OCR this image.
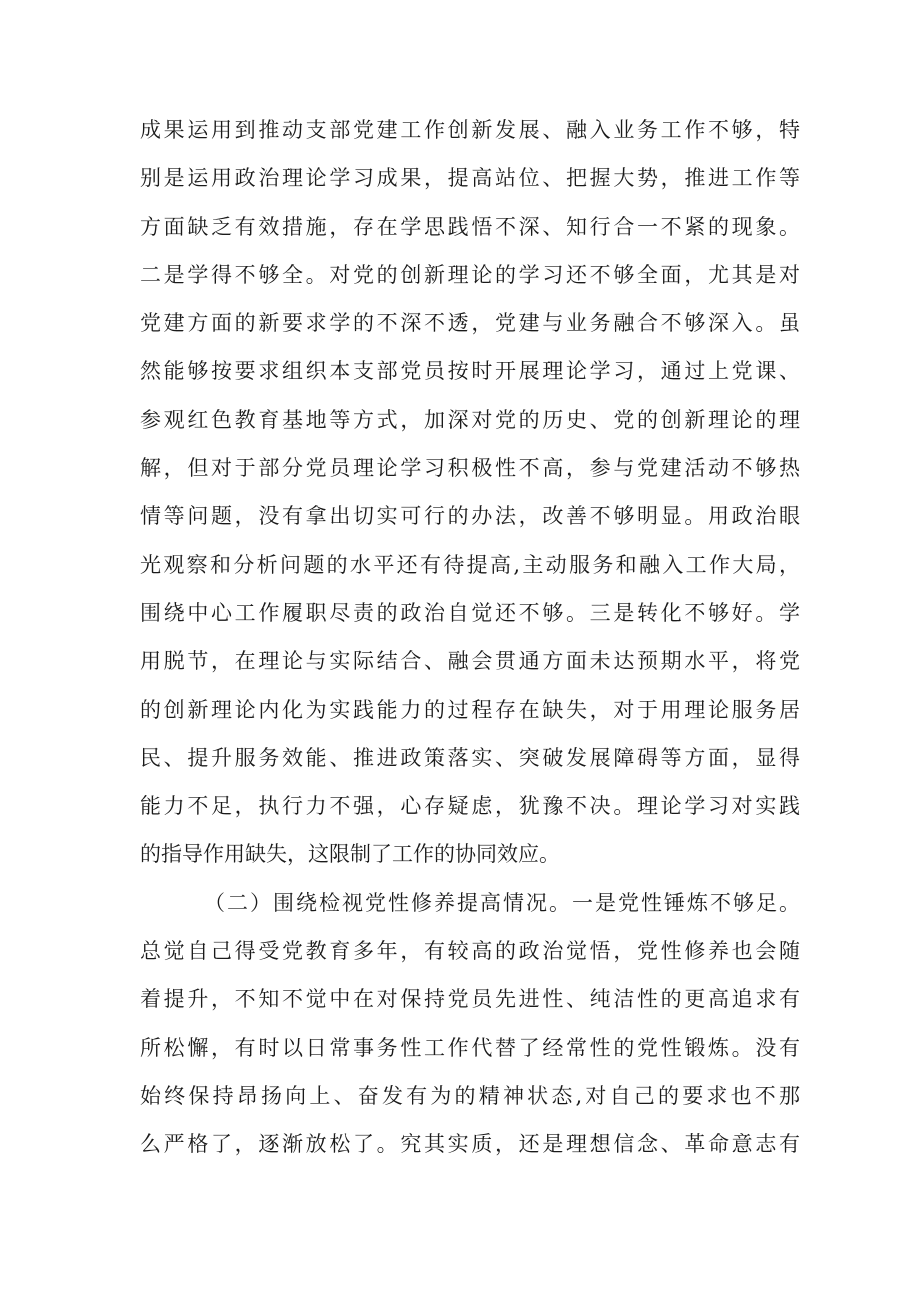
成果运用到推动支部党建工作创新发展、融入业务工作不够，特
别是运用政治理论学习成果，提高站位、把握大势，推进工作等
方面缺乏有效措施，存在学思践悟不深、知行合一不紧的现象。
二是学得不够全。对党的创新理论的学习还不够全面，尤其是对
党建方面的新要求学的不深不透，党建与业务融合不够深入。虽
然能够按要求组织本支部党员按时开展理论学习，通过上党课、
参观红色教育基地等方式，加深对党的历史、党的创新理论的理
解，但对于部分党员理论学习积极性不高，参与党建活动不够热
情等问题，没有拿出切实可行的办法，改善不够明显。用政治眼
光观察和分析问题的水平还有待提高,主动服务和融入工作大局，
围绕中心工作履职尽责的政治自觉还不够。三是转化不够好。学
用脱节，在理论与实际结合、融会贯通方面未达预期水平，将党
的创新理论内化为实践能力的过程存在缺失，对于用理论服务居
民、提升服务效能、推进政策落实、突破发展障碍等方面，显得
能力不足，执行力不强，心存疑虑，犹豫不决。理论学习对实践
的指导作用缺失，这限制了工作的协同效应。
（二）围绕检视党性修养提高情况。一是党性锤炼不够足。
总觉自己得受党教育多年，有较高的政治觉悟，党性修养也会随
着提升，不知不觉中在对保持党员先进性、纯洁性的更高追求有
所松懈，有时以日常事务性工作代替了经常性的党性锻炼。没有
始终保持昂扬向上、奋发有为的精神状态,对自己的要求也不那
么严格了，逐渐放松了。究其实质，还是理想信念、革命意志有
